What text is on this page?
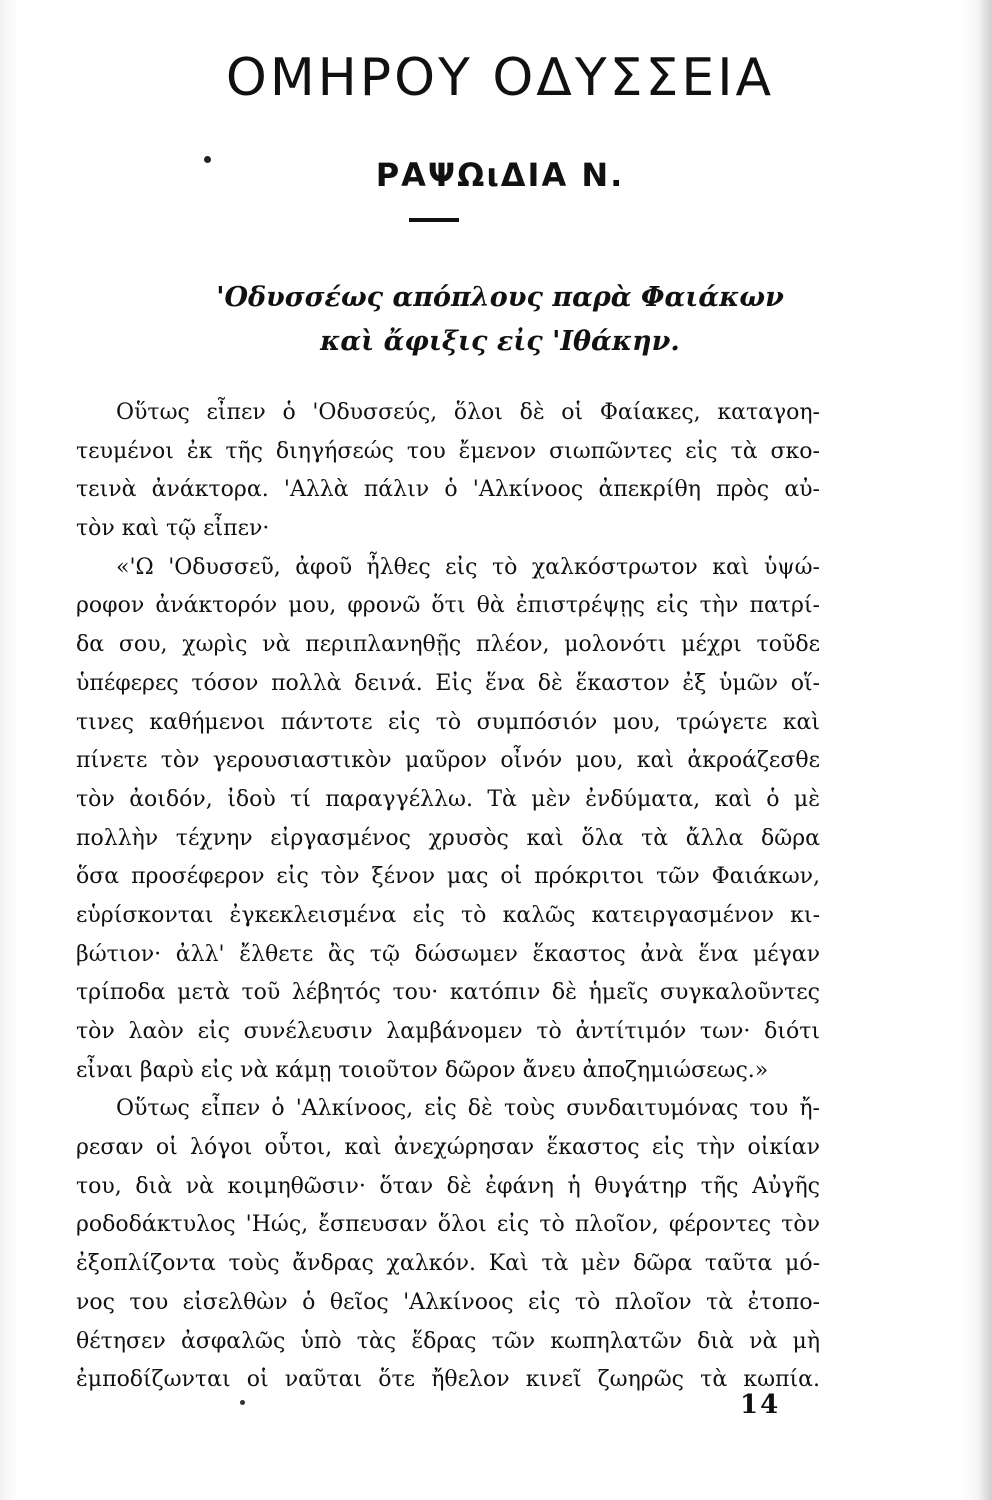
ΟΜΗΡΟΥ ΟΔΥΣΣΕΙΑ
ΡΑΨΩιΔΙΑ Ν.
'Οδυσσέως απόπλους παρὰ Φαιάκων
καὶ ἄφιξις εἰς 'Ιθάκην.
Οὕτως εἶπεν ὁ 'Οδυσσεύς, ὅλοι δὲ οἱ Φαίακες, καταγοη-
τευμένοι ἐκ τῆς διηγήσεώς του ἔμενον σιωπῶντες εἰς τὰ σκο-
τεινὰ ἀνάκτορα. 'Αλλὰ πάλιν ὁ 'Αλκίνοος ἀπεκρίθη πρὸς αὐ-
τὸν καὶ τῷ εἶπεν·
«'Ω 'Οδυσσεῦ, ἀφοῦ ἦλθες εἰς τὸ χαλκόστρωτον καὶ ὑψώ-
ροφον ἀνάκτορόν μου, φρονῶ ὅτι θὰ ἐπιστρέψῃς εἰς τὴν πατρί-
δα σου, χωρὶς νὰ περιπλανηθῇς πλέον, μολονότι μέχρι τοῦδε
ὑπέφερες τόσον πολλὰ δεινά. Εἰς ἕνα δὲ ἕκαστον ἐξ ὑμῶν οἵ-
τινες καθήμενοι πάντοτε εἰς τὸ συμπόσιόν μου, τρώγετε καὶ
πίνετε τὸν γερουσιαστικὸν μαῦρον οἶνόν μου, καὶ ἀκροάζεσθε
τὸν ἀοιδόν, ἰδοὺ τί παραγγέλλω. Τὰ μὲν ἐνδύματα, καὶ ὁ μὲ
πολλὴν τέχνην εἰργασμένος χρυσὸς καὶ ὅλα τὰ ἄλλα δῶρα
ὅσα προσέφερον εἰς τὸν ξένον μας οἱ πρόκριτοι τῶν Φαιάκων,
εὑρίσκονται ἐγκεκλεισμένα εἰς τὸ καλῶς κατειργασμένον κι-
βώτιον· ἀλλ' ἔλθετε ἂς τῷ δώσωμεν ἕκαστος ἀνὰ ἕνα μέγαν
τρίποδα μετὰ τοῦ λέβητός του· κατόπιν δὲ ἡμεῖς συγκαλοῦντες
τὸν λαὸν εἰς συνέλευσιν λαμβάνομεν τὸ ἀντίτιμόν των· διότι
εἶναι βαρὺ εἰς νὰ κάμῃ τοιοῦτον δῶρον ἄνευ ἀποζημιώσεως.»
Οὕτως εἶπεν ὁ 'Αλκίνοος, εἰς δὲ τοὺς συνδαιτυμόνας του ἤ-
ρεσαν οἱ λόγοι οὗτοι, καὶ ἀνεχώρησαν ἕκαστος εἰς τὴν οἰκίαν
του, διὰ νὰ κοιμηθῶσιν· ὅταν δὲ ἐφάνη ἡ θυγάτηρ τῆς Αὐγῆς
ροδοδάκτυλος 'Ηώς, ἔσπευσαν ὅλοι εἰς τὸ πλοῖον, φέροντες τὸν
ἐξοπλίζοντα τοὺς ἄνδρας χαλκόν. Καὶ τὰ μὲν δῶρα ταῦτα μό-
νος του εἰσελθὼν ὁ θεῖος 'Αλκίνοος εἰς τὸ πλοῖον τὰ ἐτοπο-
θέτησεν ἀσφαλῶς ὑπὸ τὰς ἕδρας τῶν κωπηλατῶν διὰ νὰ μὴ
ἐμποδίζωνται οἱ ναῦται ὅτε ἤθελον κινεῖ ζωηρῶς τὰ κωπία.
14
